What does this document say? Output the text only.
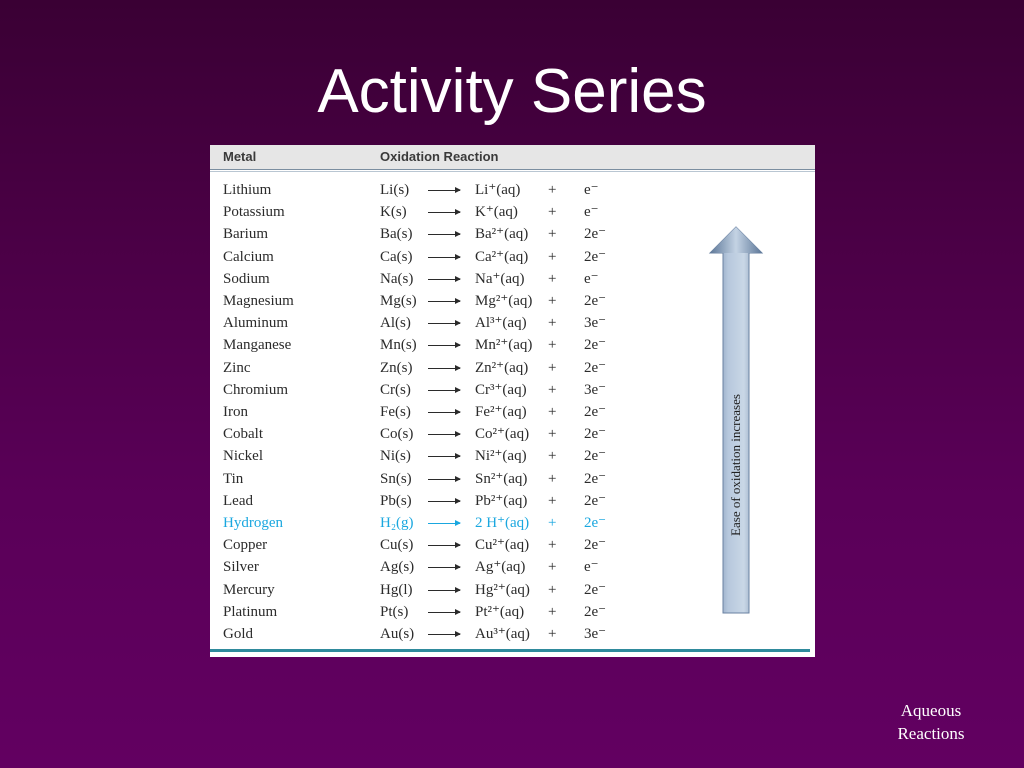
Activity Series
Metal	Oxidation Reaction
Lithium	Li(s) → Li⁺(aq) + e⁻
Potassium	K(s) → K⁺(aq) + e⁻
Barium	Ba(s) → Ba²⁺(aq) + 2e⁻
Calcium	Ca(s) → Ca²⁺(aq) + 2e⁻
Sodium	Na(s) → Na⁺(aq) + e⁻
Magnesium	Mg(s) → Mg²⁺(aq) + 2e⁻
Aluminum	Al(s) → Al³⁺(aq) + 3e⁻
Manganese	Mn(s) → Mn²⁺(aq) + 2e⁻
Zinc	Zn(s) → Zn²⁺(aq) + 2e⁻
Chromium	Cr(s) → Cr³⁺(aq) + 3e⁻
Iron	Fe(s) → Fe²⁺(aq) + 2e⁻
Cobalt	Co(s) → Co²⁺(aq) + 2e⁻
Nickel	Ni(s) → Ni²⁺(aq) + 2e⁻
Tin	Sn(s) → Sn²⁺(aq) + 2e⁻
Lead	Pb(s) → Pb²⁺(aq) + 2e⁻
Hydrogen	H₂(g) → 2 H⁺(aq) + 2e⁻
Copper	Cu(s) → Cu²⁺(aq) + 2e⁻
Silver	Ag(s) → Ag⁺(aq) + e⁻
Mercury	Hg(l) → Hg²⁺(aq) + 2e⁻
Platinum	Pt(s) → Pt²⁺(aq) + 2e⁻
Gold	Au(s) → Au³⁺(aq) + 3e⁻
Ease of oxidation increases
Aqueous
Reactions
